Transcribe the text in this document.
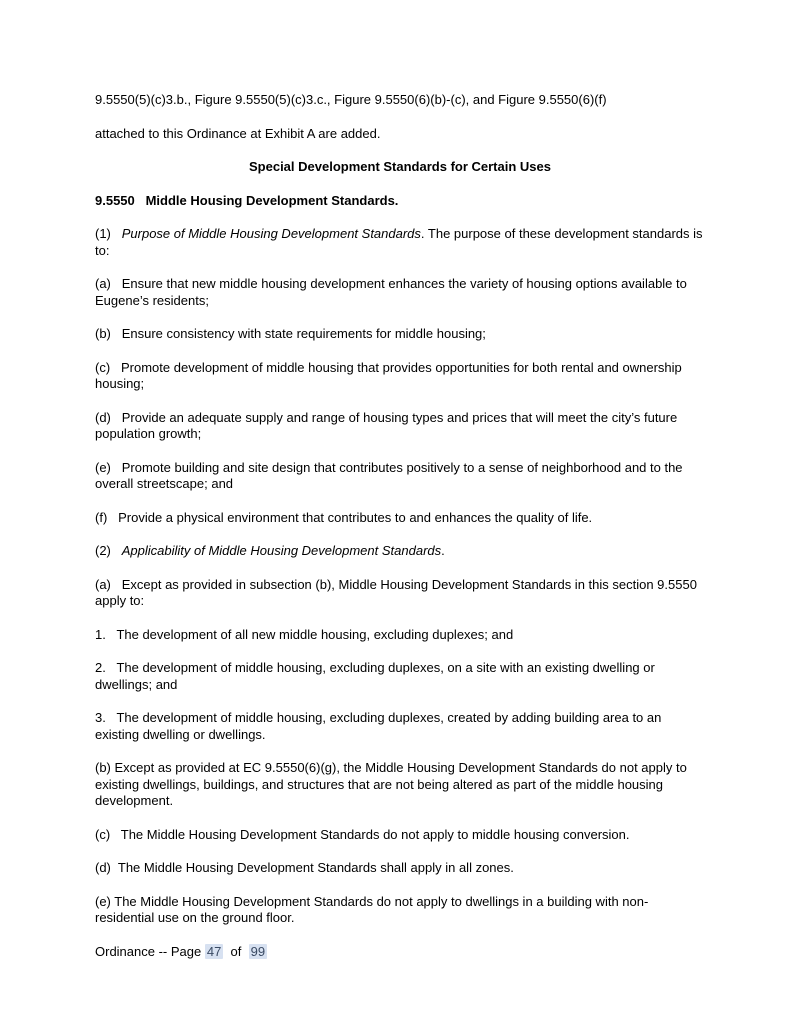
9.5550(5)(c)3.b., Figure 9.5550(5)(c)3.c., Figure 9.5550(6)(b)-(c), and Figure 9.5550(6)(f)

attached to this Ordinance at Exhibit A are added.

Special Development Standards for Certain Uses

9.5550   Middle Housing Development Standards.

(1)   Purpose of Middle Housing Development Standards. The purpose of these development standards is to:

(a)   Ensure that new middle housing development enhances the variety of housing options available to Eugene’s residents;

(b)   Ensure consistency with state requirements for middle housing;

(c)   Promote development of middle housing that provides opportunities for both rental and ownership housing;

(d)   Provide an adequate supply and range of housing types and prices that will meet the city’s future population growth;

(e)   Promote building and site design that contributes positively to a sense of neighborhood and to the overall streetscape; and

(f)   Provide a physical environment that contributes to and enhances the quality of life.

(2)   Applicability of Middle Housing Development Standards.

(a)   Except as provided in subsection (b), Middle Housing Development Standards in this section 9.5550 apply to:

1.   The development of all new middle housing, excluding duplexes; and

2.   The development of middle housing, excluding duplexes, on a site with an existing dwelling or dwellings; and

3.   The development of middle housing, excluding duplexes, created by adding building area to an existing dwelling or dwellings.

(b) Except as provided at EC 9.5550(6)(g), the Middle Housing Development Standards do not apply to existing dwellings, buildings, and structures that are not being altered as part of the middle housing development.

(c)   The Middle Housing Development Standards do not apply to middle housing conversion.

(d)  The Middle Housing Development Standards shall apply in all zones.

(e) The Middle Housing Development Standards do not apply to dwellings in a building with non-residential use on the ground floor.

Ordinance -- Page 47  of  99
